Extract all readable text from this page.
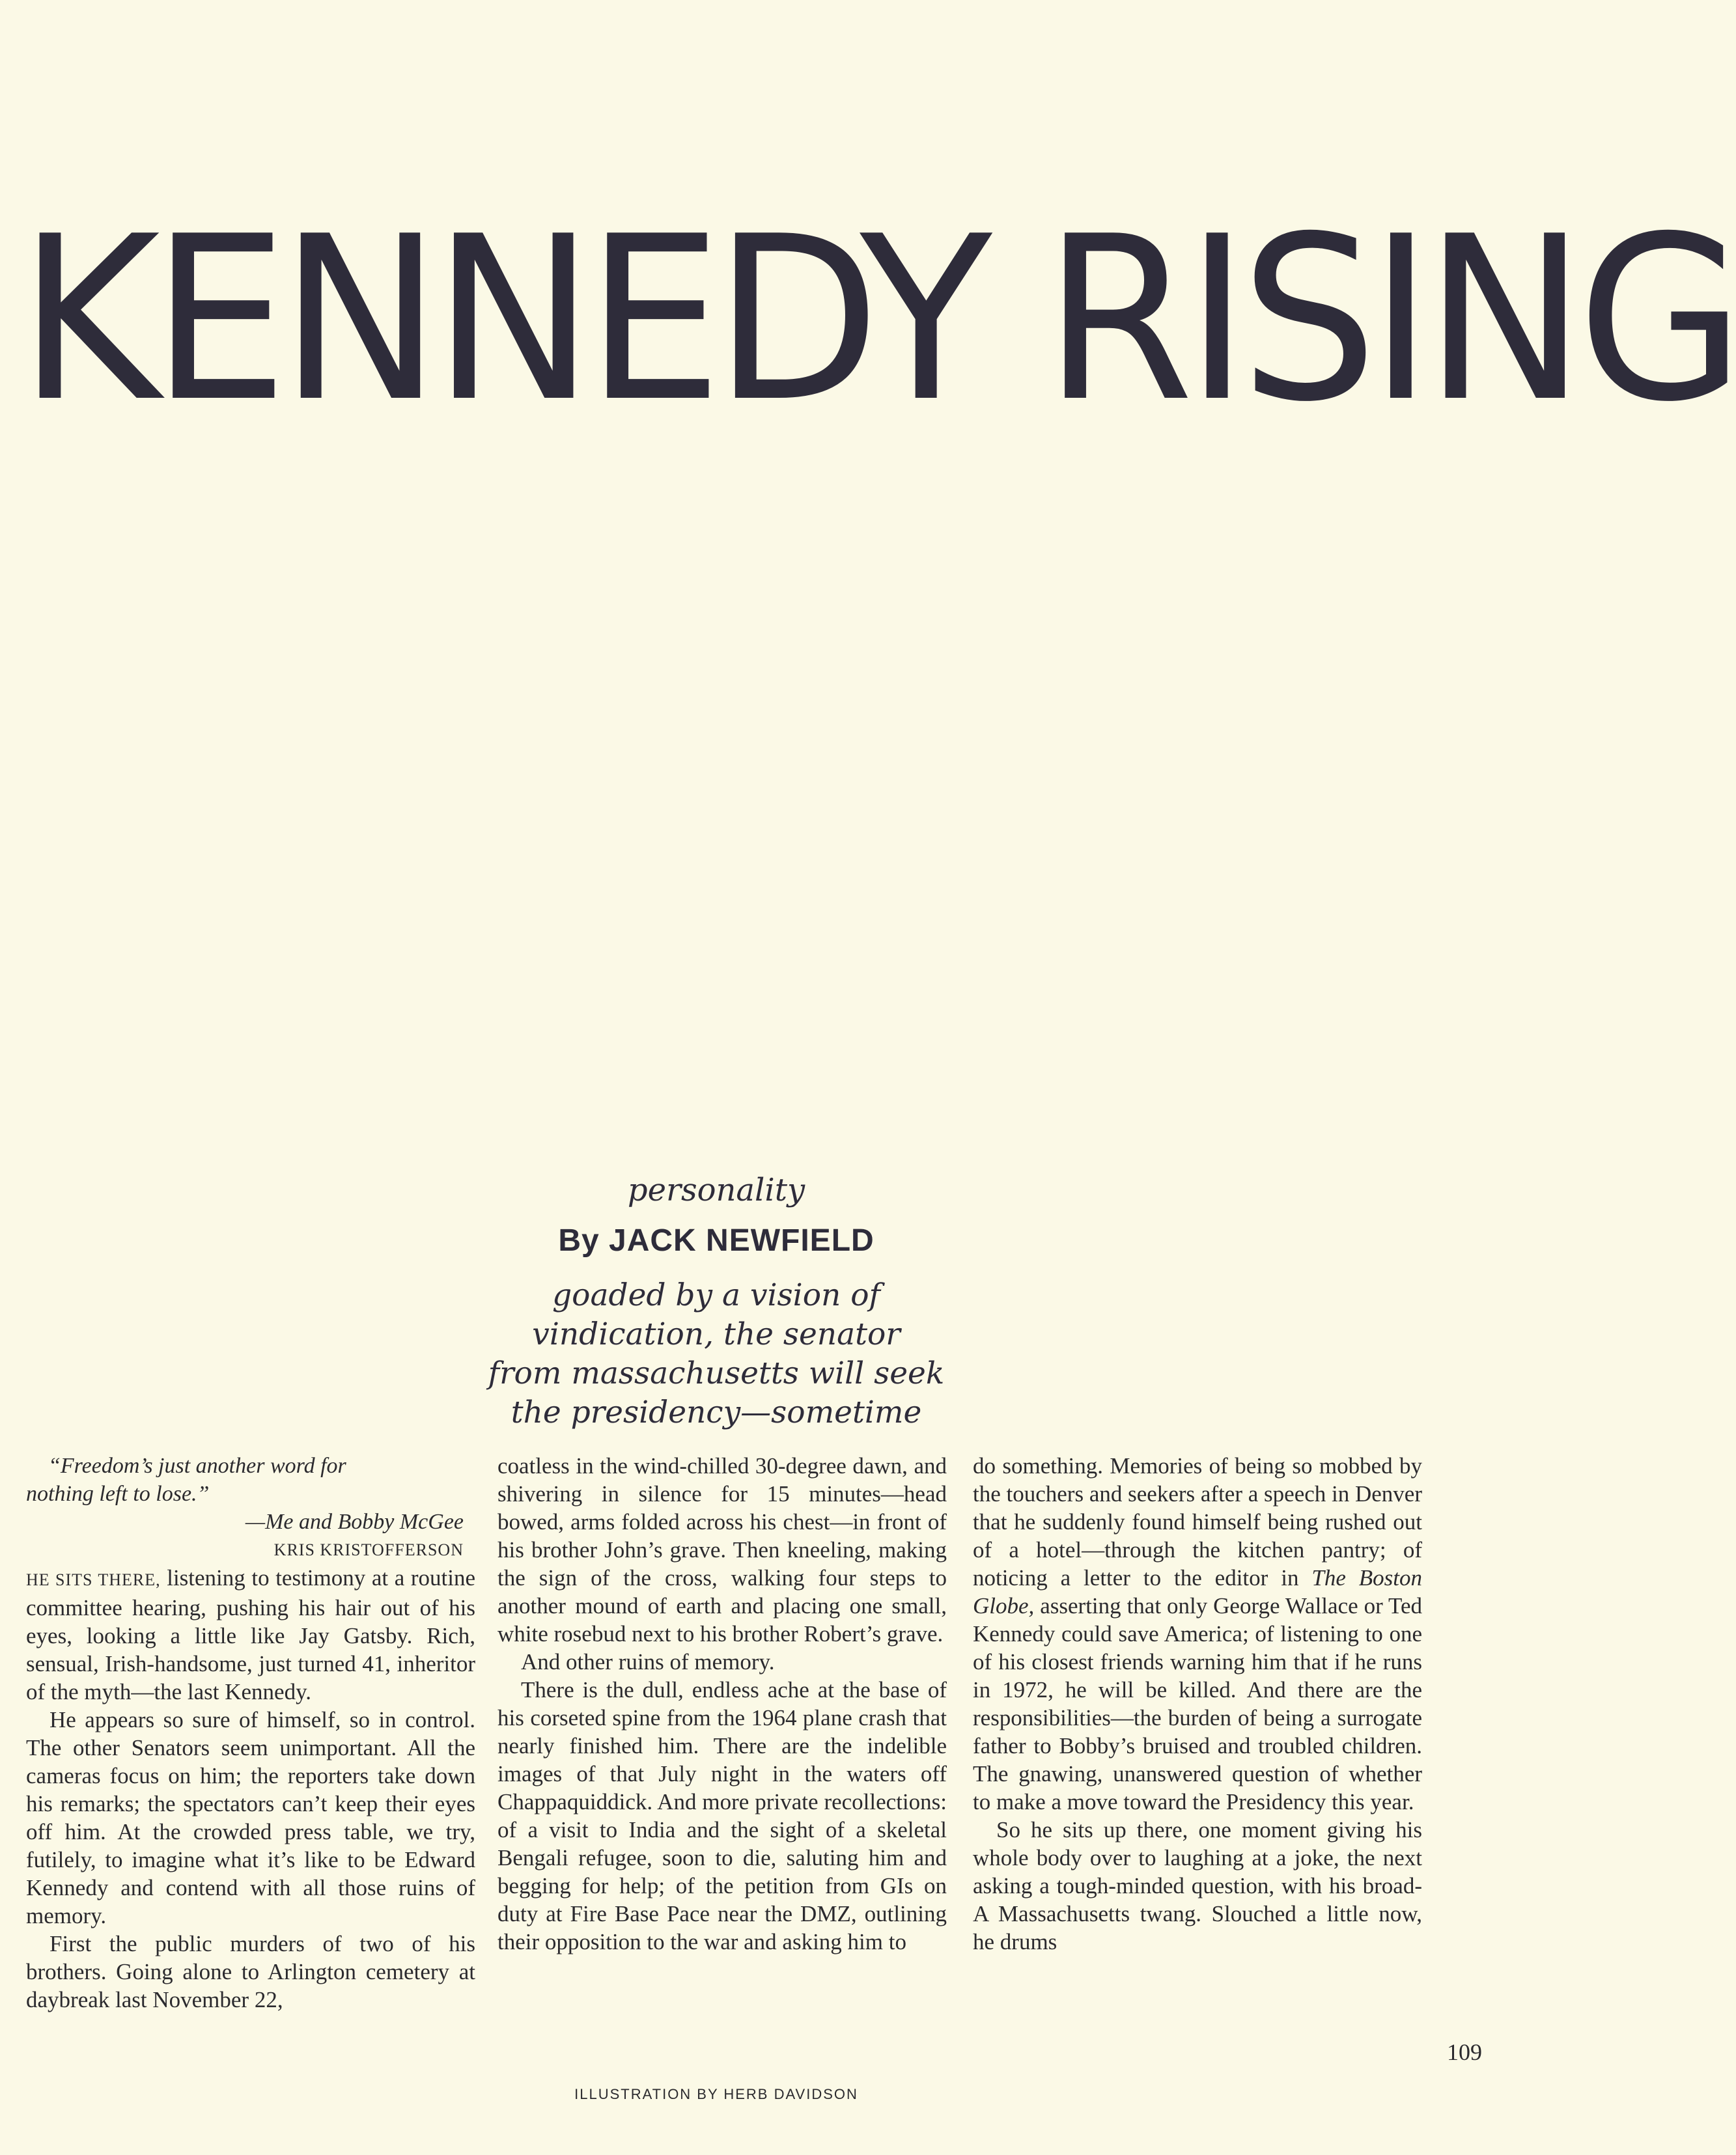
KENNEDY RISING
personality
By JACK NEWFIELD
goaded by a vision of
vindication, the senator
from massachusetts will seek
the presidency—sometime
“Freedom’s just another word for
nothing left to lose.”
—Me and Bobby McGee
KRIS KRISTOFFERSON

HE SITS THERE, listening to testimony at a routine committee hearing, pushing his hair out of his eyes, looking a little like Jay Gatsby. Rich, sensual, Irish-handsome, just turned 41, inheritor of the myth—the last Kennedy.

He appears so sure of himself, so in control. The other Senators seem unimportant. All the cameras focus on him; the reporters take down his remarks; the spectators can’t keep their eyes off him. At the crowded press table, we try, futilely, to imagine what it’s like to be Edward Kennedy and contend with all those ruins of memory.

First the public murders of two of his brothers. Going alone to Arlington cemetery at daybreak last November 22,

coatless in the wind-chilled 30-degree dawn, and shivering in silence for 15 minutes—head bowed, arms folded across his chest—in front of his brother John’s grave. Then kneeling, making the sign of the cross, walking four steps to another mound of earth and placing one small, white rosebud next to his brother Robert’s grave.

And other ruins of memory.

There is the dull, endless ache at the base of his corseted spine from the 1964 plane crash that nearly finished him. There are the indelible images of that July night in the waters off Chappaquiddick. And more private recollections: of a visit to India and the sight of a skeletal Bengali refugee, soon to die, saluting him and begging for help; of the petition from GIs on duty at Fire Base Pace near the DMZ, outlining their opposition to the war and asking him to

do something. Memories of being so mobbed by the touchers and seekers after a speech in Denver that he suddenly found himself being rushed out of a hotel—through the kitchen pantry; of noticing a letter to the editor in The Boston Globe, asserting that only George Wallace or Ted Kennedy could save America; of listening to one of his closest friends warning him that if he runs in 1972, he will be killed. And there are the responsibilities—the burden of being a surrogate father to Bobby’s bruised and troubled children. The gnawing, unanswered question of whether to make a move toward the Presidency this year.

So he sits up there, one moment giving his whole body over to laughing at a joke, the next asking a tough-minded question, with his broad-A Massachusetts twang. Slouched a little now, he drums

109
ILLUSTRATION BY HERB DAVIDSON
